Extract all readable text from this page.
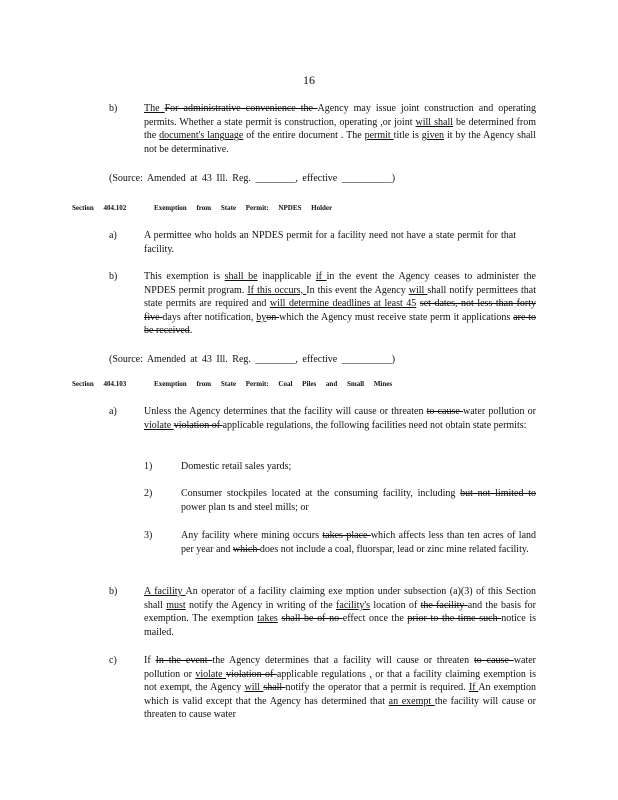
16
b)	The For administrative convenience the Agency may issue joint construction and operating permits. Whether a state permit is construction, operating ,or joint will shall be determined from the document's language of the entire document . The permit title is given it by the Agency shall not be determinative.
(Source: Amended at 43 Ill. Reg. ________, effective __________)
Section 404.102	Exemption from State Permit: NPDES Holder
a)	A permittee who holds an NPDES permit for a facility need not have a state permit for that facility.
b)	This exemption is shall be inapplicable if in the event the Agency ceases to administer the NPDES permit program. If this occurs, In this event the Agency will shall notify permittees that state permits are required and will determine deadlines at least 45 set dates, not less than forty five days after notification, byon which the Agency must receive state perm it applications are to be received.
(Source: Amended at 43 Ill. Reg. ________, effective __________)
Section 404.103	Exemption from State Permit: Coal Piles and Small Mines
a)	Unless the Agency determines that the facility will cause or threaten to cause water pollution or violate violation of applicable regulations, the following facilities need not obtain state permits:
1)	Domestic retail sales yards;
2)	Consumer stockpiles located at the consuming facility, including but not limited to power plan ts and steel mills; or
3)	Any facility where mining occurs takes place which affects less than ten acres of land per year and which does not include a coal, fluorspar, lead or zinc mine related facility.
b)	A facility An operator of a facility claiming exe mption under subsection (a)(3) of this Section shall must notify the Agency in writing of the facility's location of the facility and the basis for exemption. The exemption takes shall be of no effect once the prior to the time such notice is mailed.
c)	If In the event the Agency determines that a facility will cause or threaten to cause water pollution or violate violation of applicable regulations , or that a facility claiming exemption is not exempt, the Agency will shall notify the operator that a permit is required. If An exemption which is valid except that the Agency has determined that an exempt the facility will cause or threaten to cause water
